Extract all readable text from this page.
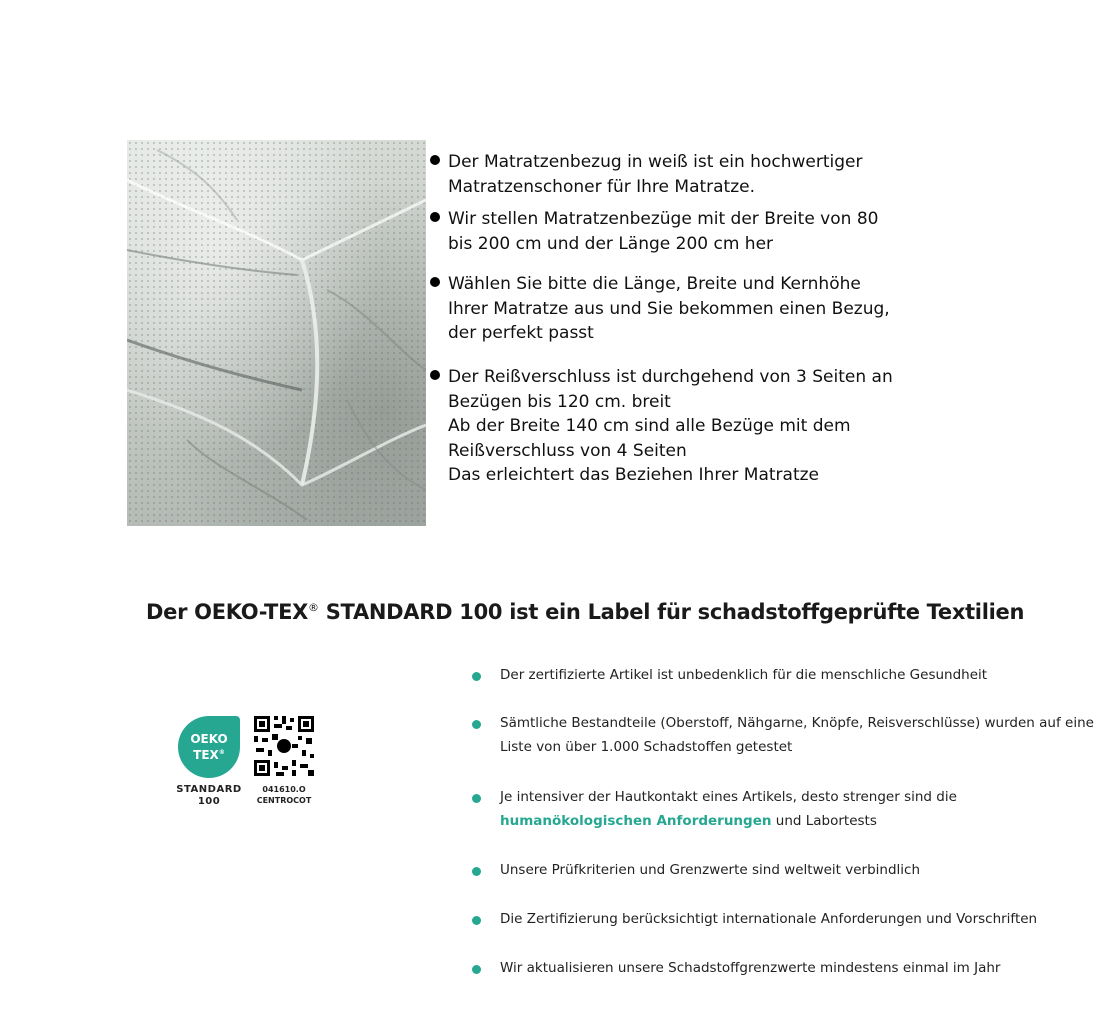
Der Matratzenbezug in weiß ist ein hochwertiger
Matratzenschoner für Ihre Matratze.
Wir stellen Matratzenbezüge mit der Breite von 80
bis 200 cm und der Länge 200 cm her
Wählen Sie bitte die Länge, Breite und Kernhöhe
Ihrer Matratze aus und Sie bekommen einen Bezug,
der perfekt passt
Der Reißverschluss ist durchgehend von 3 Seiten an
Bezügen bis 120 cm. breit
Ab der Breite 140 cm sind alle Bezüge mit dem
Reißverschluss von 4 Seiten
Das erleichtert das Beziehen Ihrer Matratze
Der OEKO-TEX® STANDARD 100 ist ein Label für schadstoffgeprüfte Textilien
OEKO
TEX®
STANDARD
100
041610.O
CENTROCOT
Der zertifizierte Artikel ist unbedenklich für die menschliche Gesundheit
Sämtliche Bestandteile (Oberstoff, Nähgarne, Knöpfe, Reisverschlüsse) wurden auf eine Liste von über 1.000 Schadstoffen getestet
Je intensiver der Hautkontakt eines Artikels, desto strenger sind die humanökologischen Anforderungen und Labortests
Unsere Prüfkriterien und Grenzwerte sind weltweit verbindlich
Die Zertifizierung berücksichtigt internationale Anforderungen und Vorschriften
Wir aktualisieren unsere Schadstoffgrenzwerte mindestens einmal im Jahr
